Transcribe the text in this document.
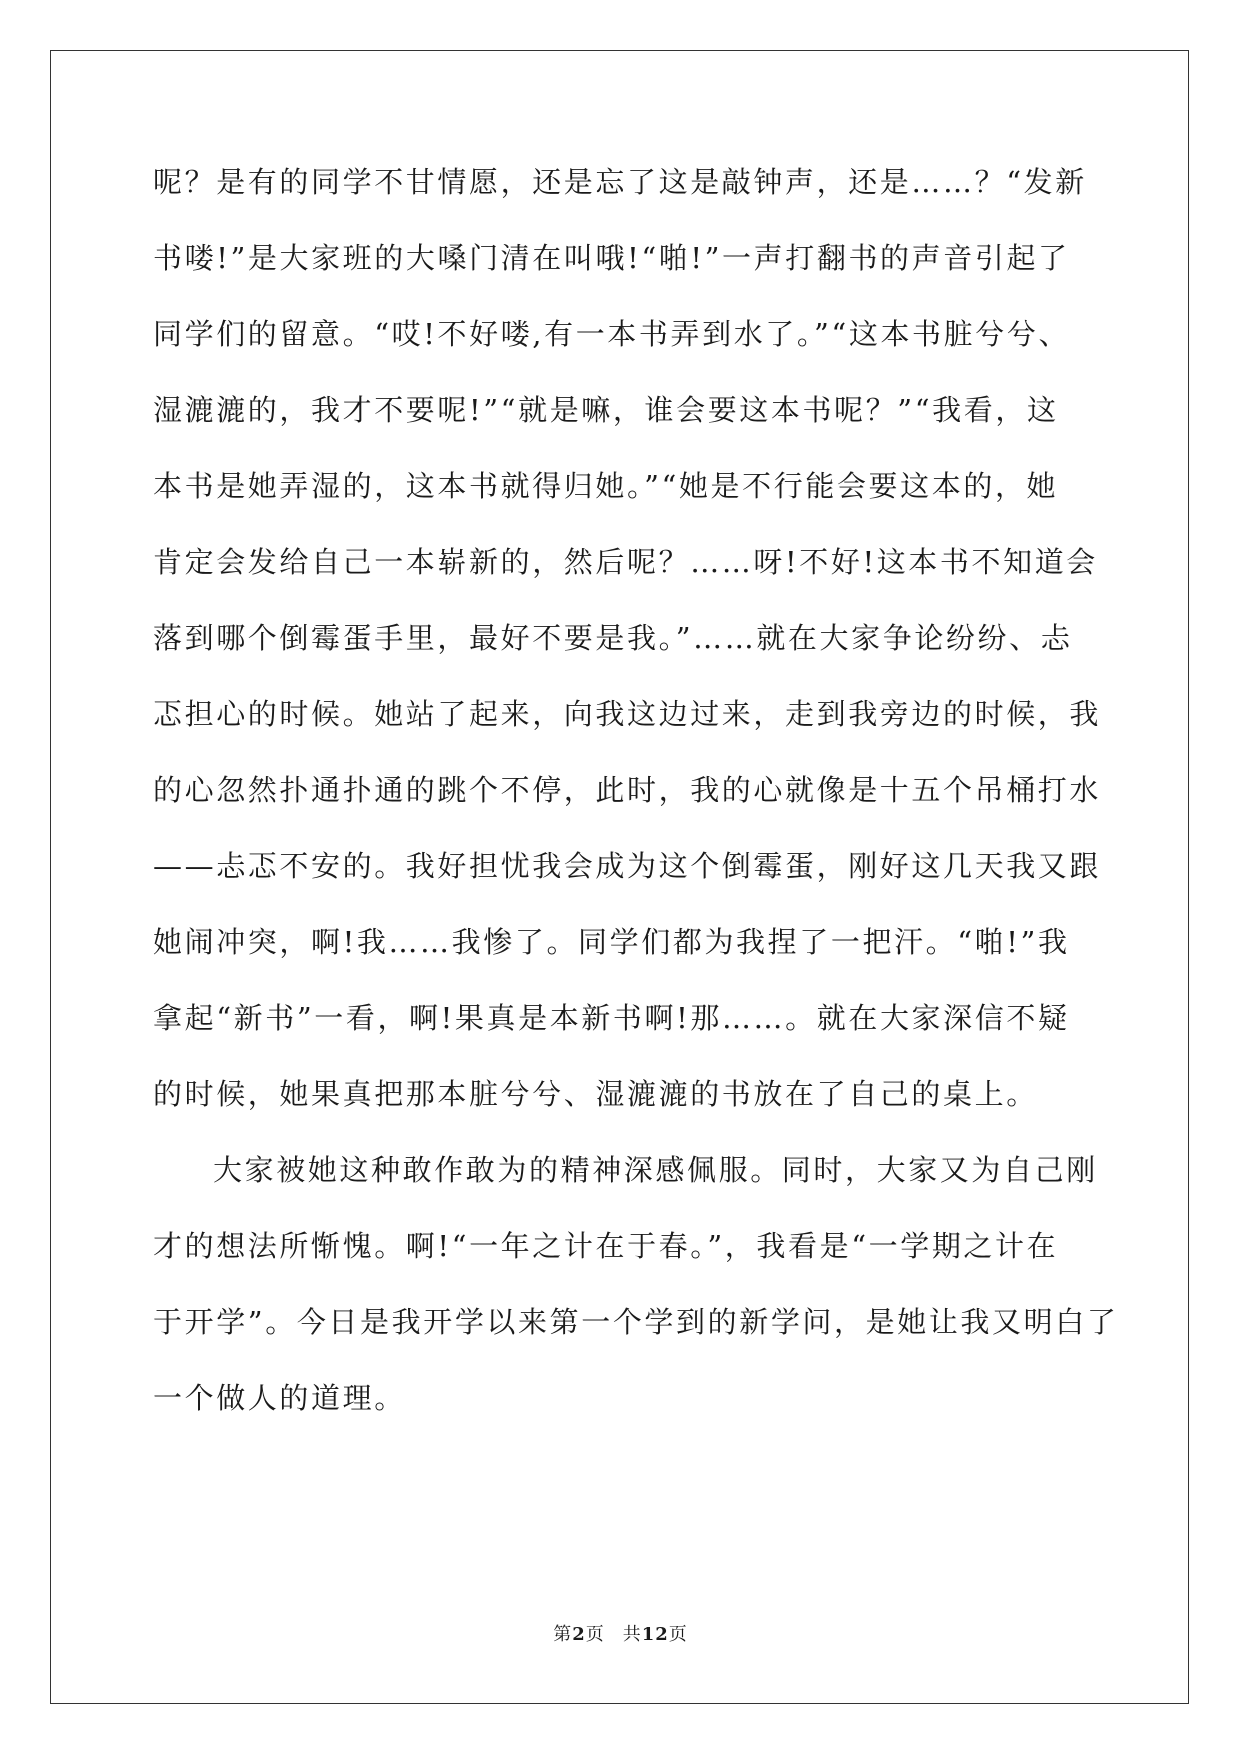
呢？是有的同学不甘情愿，还是忘了这是敲钟声，还是……？“发新
书喽!”是大家班的大嗓门清在叫哦!“啪!”一声打翻书的声音引起了
同学们的留意。“哎!不好喽,有一本书弄到水了。”“这本书脏兮兮、
湿漉漉的，我才不要呢!”“就是嘛，谁会要这本书呢？”“我看，这
本书是她弄湿的，这本书就得归她。”“她是不行能会要这本的，她
肯定会发给自己一本崭新的，然后呢？……呀!不好!这本书不知道会
落到哪个倒霉蛋手里，最好不要是我。”……就在大家争论纷纷、忐
忑担心的时候。她站了起来，向我这边过来，走到我旁边的时候，我
的心忽然扑通扑通的跳个不停，此时，我的心就像是十五个吊桶打水
——忐忑不安的。我好担忧我会成为这个倒霉蛋，刚好这几天我又跟
她闹冲突，啊!我……我惨了。同学们都为我捏了一把汗。“啪!”我
拿起“新书”一看，啊!果真是本新书啊!那……。就在大家深信不疑
的时候，她果真把那本脏兮兮、湿漉漉的书放在了自己的桌上。
大家被她这种敢作敢为的精神深感佩服。同时，大家又为自己刚
才的想法所惭愧。啊!“一年之计在于春。”，我看是“一学期之计在
于开学”。今日是我开学以来第一个学到的新学问，是她让我又明白了
一个做人的道理。
第2页 共12页
